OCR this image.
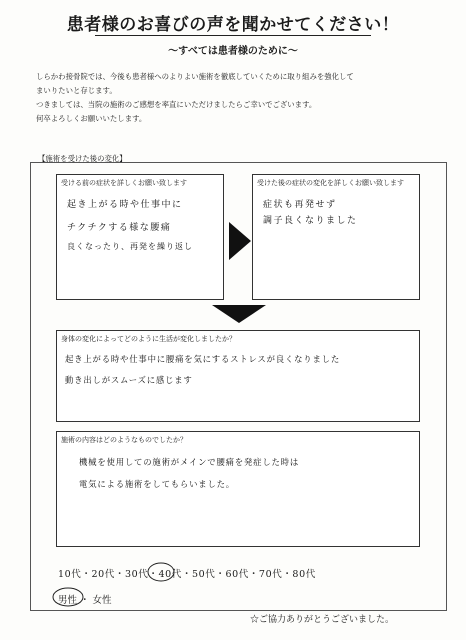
患者様のお喜びの声を聞かせてください！
〜すべては患者様のために〜
しらかわ接骨院では、今後も患者様へのよりよい施術を徹底していくために取り組みを強化して
まいりたいと存じます。
つきましては、当院の施術のご感想を率直にいただけましたらご幸いでございます。
何卒よろしくお願いいたします。
【施術を受けた後の変化】
受ける前の症状を詳しくお願い致します
起き上がる時や仕事中に
チクチクする様な腰痛
良くなったり、再発を繰り返し
受けた後の症状の変化を詳しくお願い致します
症状も再発せず
調子良くなりました
身体の変化によってどのように生活が変化しましたか？
起き上がる時や仕事中に腰痛を気にするストレスが良くなりました
動き出しがスムーズに感じます
施術の内容はどのようなものでしたか？
機械を使用しての施術がメインで腰痛を発症した時は
電気による施術をしてもらいました。
10代・20代・30代・40代・50代・60代・70代・80代
男性 ・ 女性
☆ご協力ありがとうございました。
